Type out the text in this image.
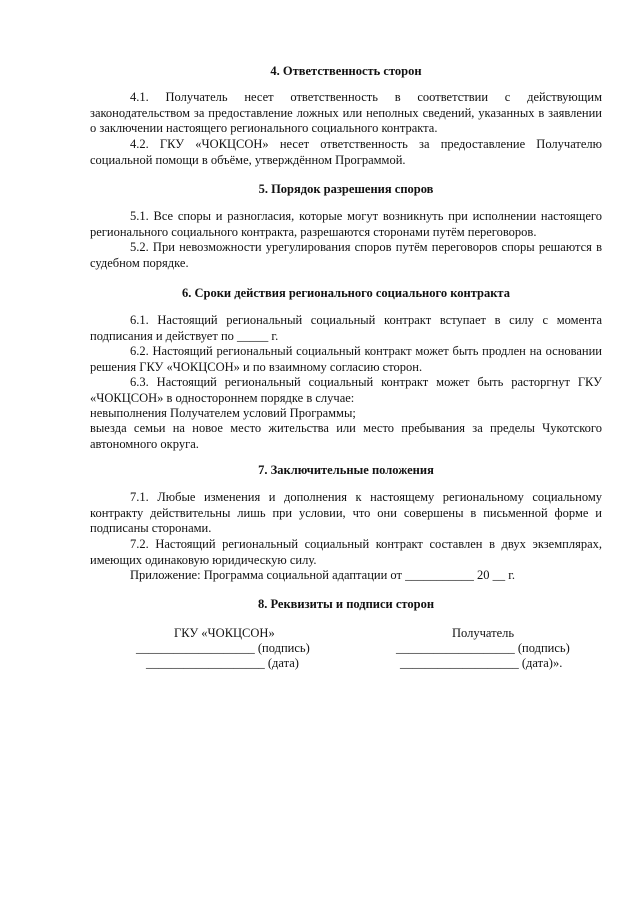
4. Ответственность сторон

4.1. Получатель несет ответственность в соответствии с действующим законодательством за предоставление ложных или неполных сведений, указанных в заявлении о заключении настоящего регионального социального контракта.

4.2. ГКУ «ЧОКЦСОН» несет ответственность за предоставление Получателю социальной помощи в объёме, утверждённом Программой.

5. Порядок разрешения споров

5.1. Все споры и разногласия, которые могут возникнуть при исполнении настоящего регионального социального контракта, разрешаются сторонами путём переговоров.

5.2. При невозможности урегулирования споров путём переговоров споры решаются в судебном порядке.

6. Сроки действия регионального социального контракта

6.1. Настоящий региональный социальный контракт вступает в силу с момента подписания и действует по _____ г.

6.2. Настоящий региональный социальный контракт может быть продлен на основании решения ГКУ «ЧОКЦСОН» и по взаимному согласию сторон.

6.3. Настоящий региональный социальный контракт может быть расторгнут ГКУ «ЧОКЦСОН» в одностороннем порядке в случае:

невыполнения Получателем условий Программы;

выезда семьи на новое место жительства или место пребывания за пределы Чукотского автономного округа.

7. Заключительные положения

7.1. Любые изменения и дополнения к настоящему региональному социальному контракту действительны лишь при условии, что они совершены в письменной форме и подписаны сторонами.

7.2. Настоящий региональный социальный контракт составлен в двух экземплярах, имеющих одинаковую юридическую силу.

Приложение: Программа социальной адаптации от ___________ 20 __ г.

8. Реквизиты и подписи сторон
ГКУ «ЧОКЦСОН»	Получатель
___________________ (подпись)
___________________ (дата)
___________________ (подпись)
___________________ (дата)».
